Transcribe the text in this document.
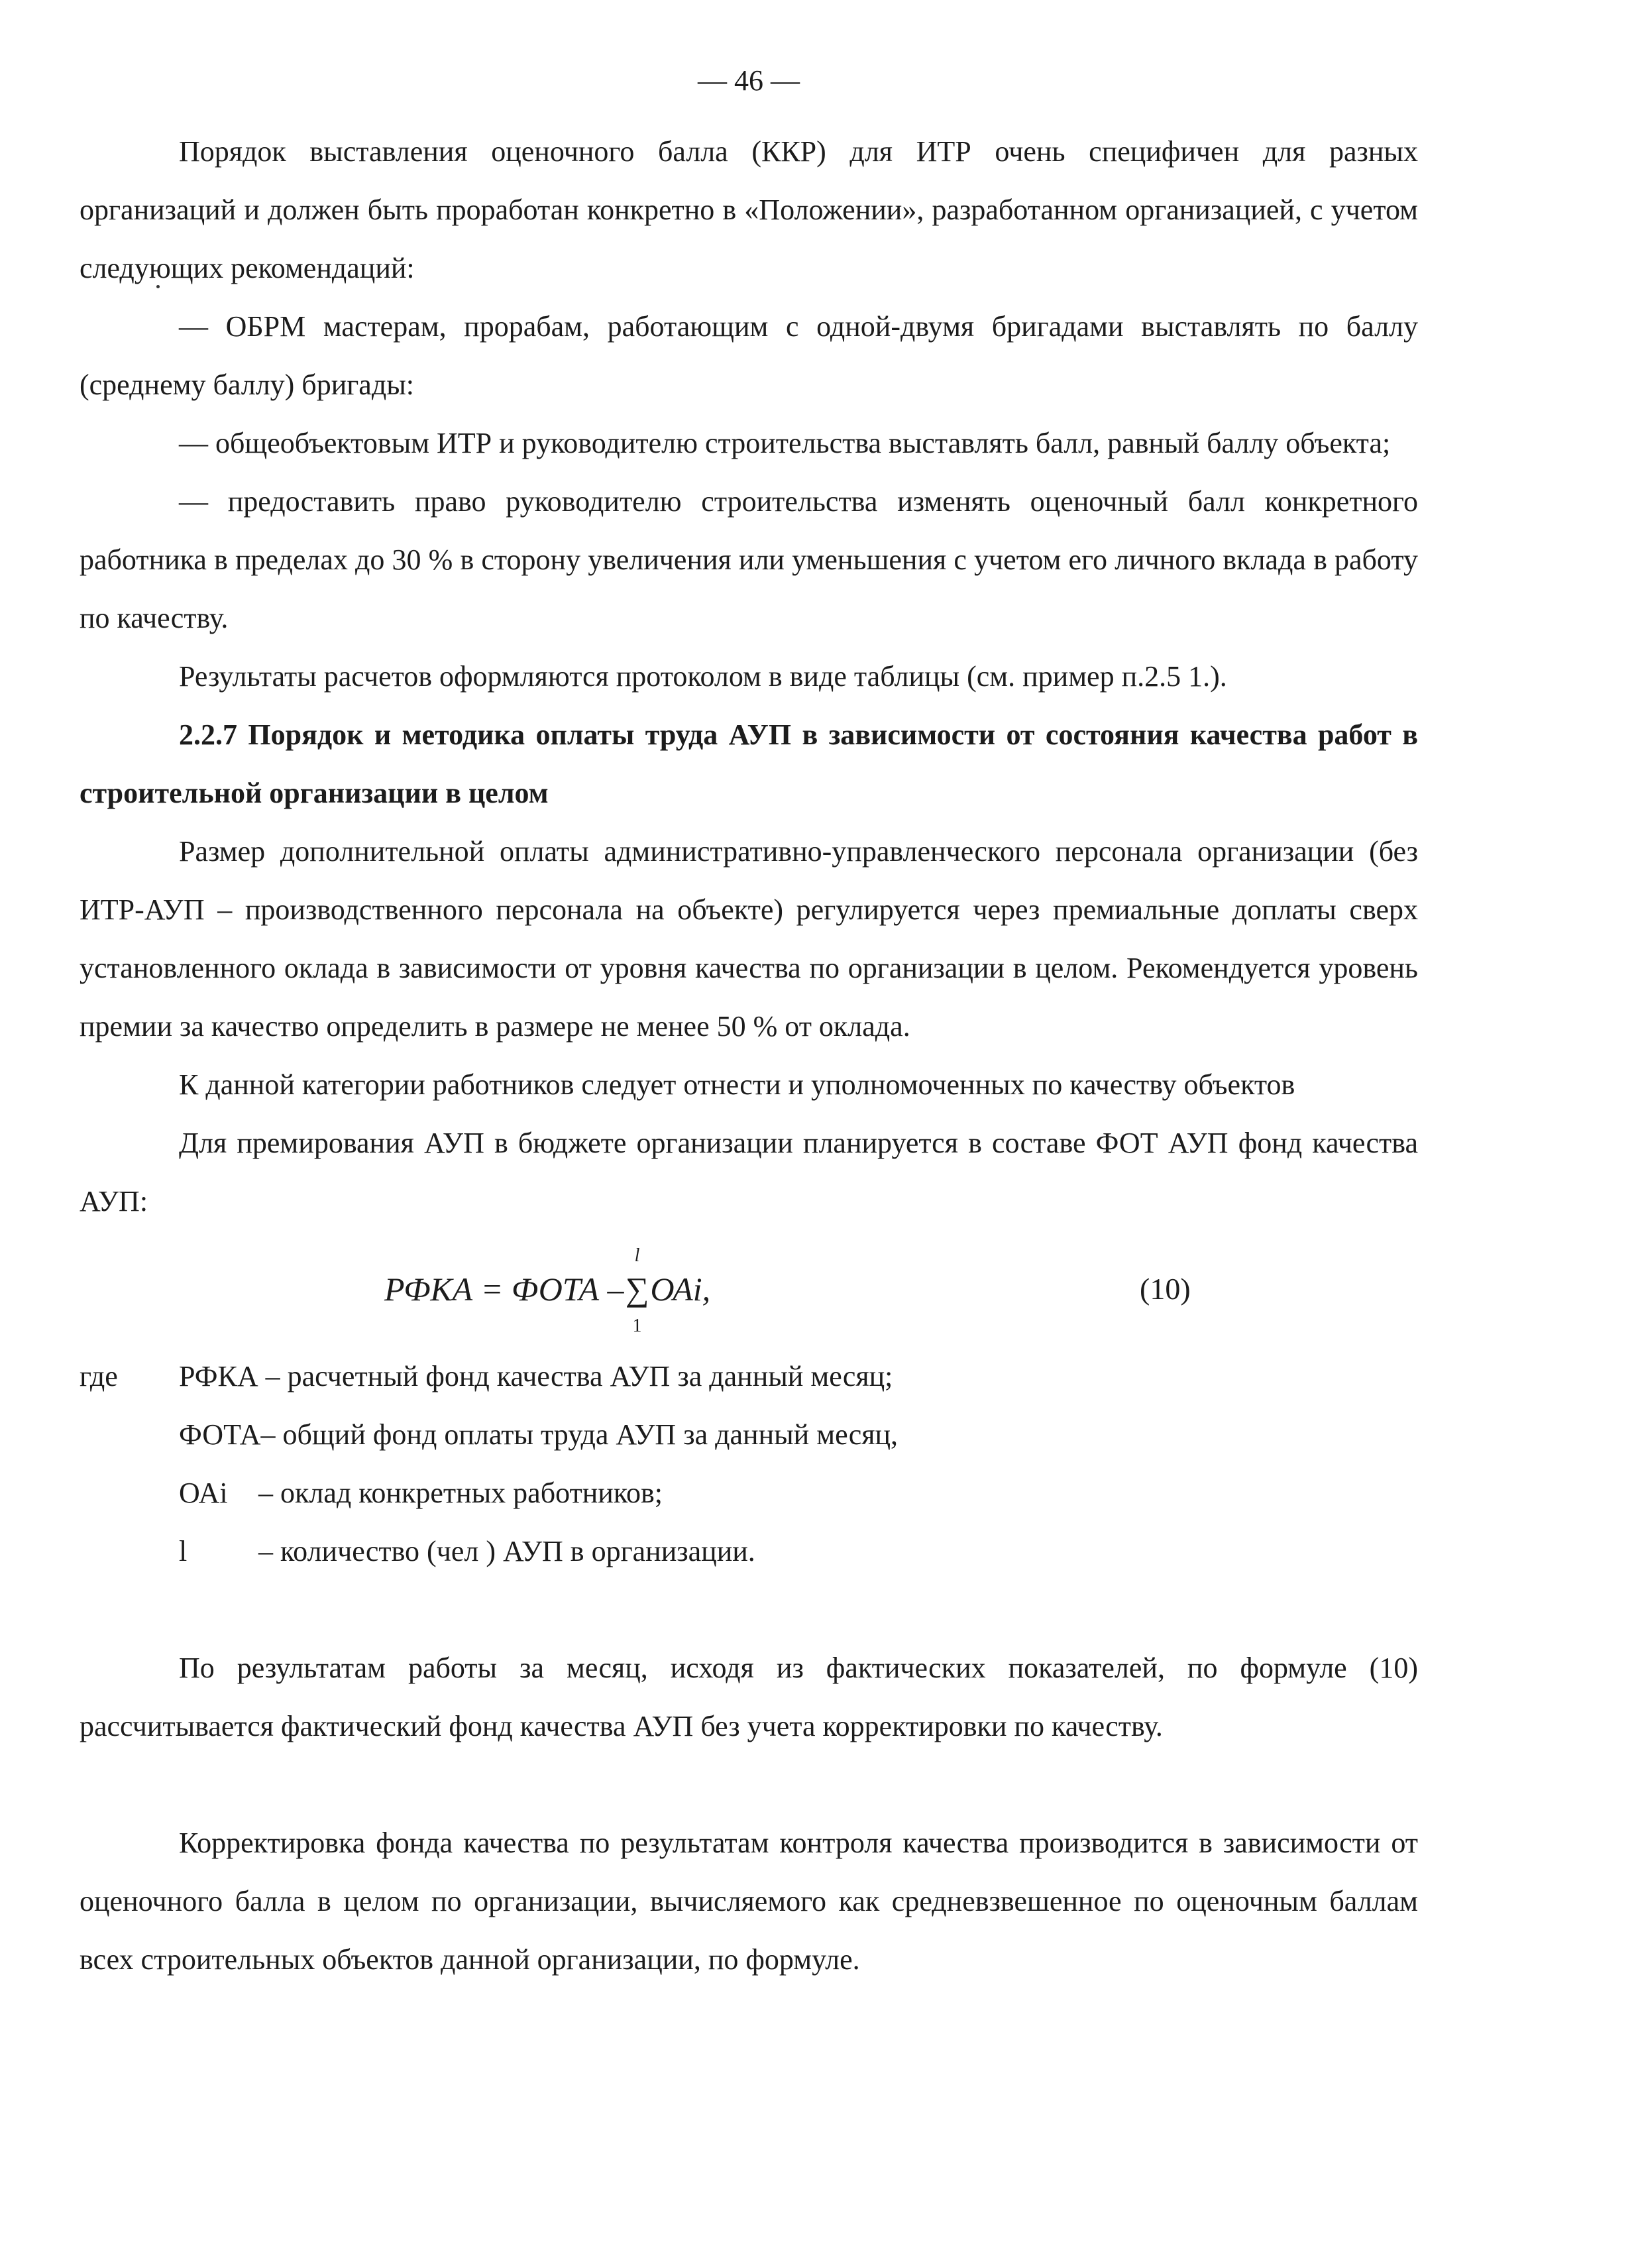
— 46 —

Порядок выставления оценочного балла (ККР) для ИТР очень специфичен для разных организаций и должен быть проработан конкретно в «Положении», разработанном организацией, с учетом следующих рекомендаций:

— ОБРМ мастерам, прорабам, работающим с одной-двумя бригадами выставлять по баллу (среднему баллу) бригады:

— общеобъектовым ИТР и руководителю строительства выставлять балл, равный баллу объекта;

— предоставить право руководителю строительства изменять оценочный балл конкретного работника в пределах до 30 % в сторону увеличения или уменьшения с учетом его личного вклада в работу по качеству.

Результаты расчетов оформляются протоколом в виде таблицы (см. пример п.2.5 1.).

2.2.7 Порядок и методика оплаты труда АУП в зависимости от состояния качества работ в строительной организации в целом

Размер дополнительной оплаты административно-управленческого персонала организации (без ИТР-АУП – производственного персонала на объекте) регулируется через премиальные доплаты сверх установленного оклада в зависимости от уровня качества по организации в целом. Рекомендуется уровень премии за качество определить в размере не менее 50 % от оклада.

К данной категории работников следует отнести и уполномоченных по качеству объектов

Для премирования АУП в бюджете организации планируется в составе ФОТ АУП фонд качества АУП:

РФКА = ФОТА –
l
∑
1
ОАi,	(10)
где РФКА – расчетный фонд качества АУП за данный месяц;
ФОТА– общий фонд оплаты труда АУП за данный месяц,
ОАi – оклад конкретных работников;
l – количество (чел ) АУП в организации.

По результатам работы за месяц, исходя из фактических показателей, по формуле (10) рассчитывается фактический фонд качества АУП без учета корректировки по качеству.

Корректировка фонда качества по результатам контроля качества производится в зависимости от оценочного балла в целом по организации, вычисляемого как средневзвешенное по оценочным баллам всех строительных объектов данной организации, по формуле.
